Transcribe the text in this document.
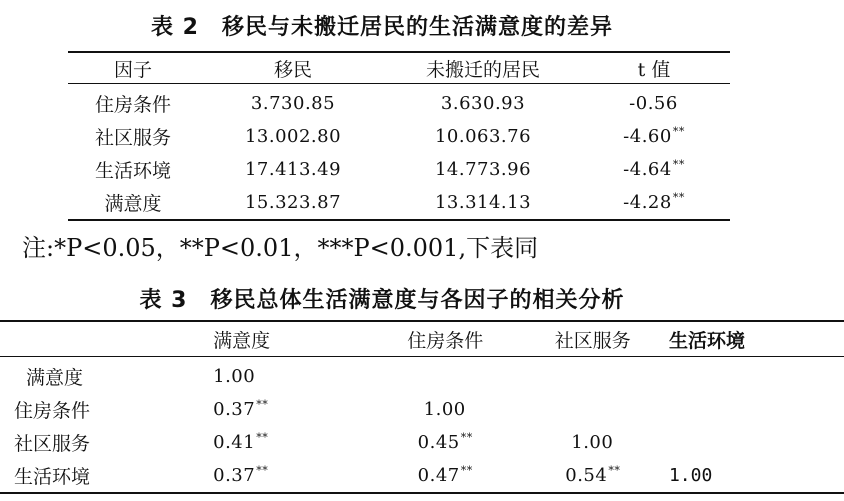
表 2　移民与未搬迁居民的生活满意度的差异
因子	移民	未搬迁的居民	t 值
住房条件	3.730.85	3.630.93	-0.56
社区服务	13.002.80	10.063.76	-4.60**
生活环境	17.413.49	14.773.96	-4.64**
满意度	15.323.87	13.314.13	-4.28**

注:*P<0.05，**P<0.01，***P<0.001,下表同

表 3　移民总体生活满意度与各因子的相关分析
	满意度	住房条件	社区服务	生活环境
满意度	1.00			
住房条件	0.37**	1.00		
社区服务	0.41**	0.45**	1.00	
生活环境	0.37**	0.47**	0.54**	1.00
